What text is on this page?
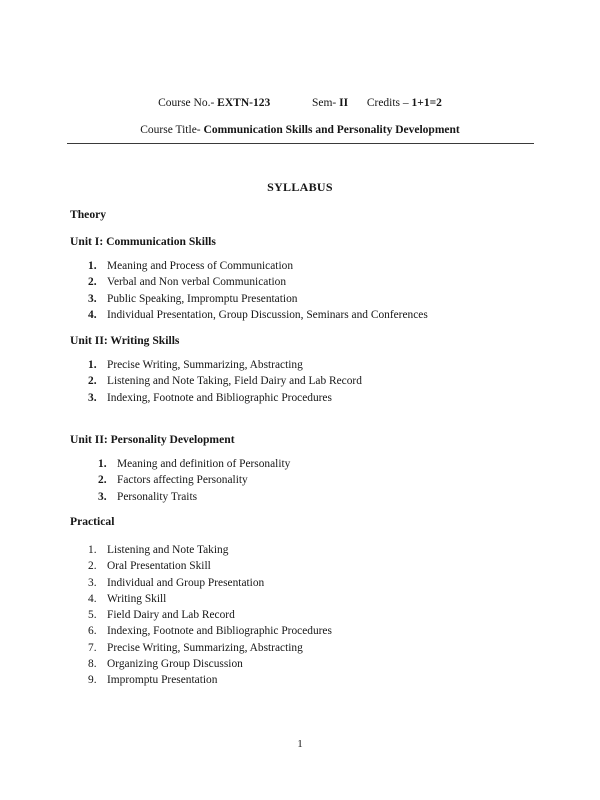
Course No.- EXTN-123	Sem- II Credits – 1+1=2
Course Title- Communication Skills and Personality Development
SYLLABUS
Theory
Unit I: Communication Skills
1. Meaning and Process of Communication
2. Verbal and Non verbal Communication
3. Public Speaking, Impromptu Presentation
4. Individual Presentation, Group Discussion, Seminars and Conferences
Unit II: Writing Skills
1. Precise Writing, Summarizing, Abstracting
2. Listening and Note Taking, Field Dairy and Lab Record
3. Indexing, Footnote and Bibliographic Procedures
Unit II: Personality Development
1. Meaning and definition of Personality
2. Factors affecting Personality
3. Personality Traits
Practical
1. Listening and Note Taking
2. Oral Presentation Skill
3. Individual and Group Presentation
4. Writing Skill
5. Field Dairy and Lab Record
6. Indexing, Footnote and Bibliographic Procedures
7. Precise Writing, Summarizing, Abstracting
8. Organizing Group Discussion
9. Impromptu Presentation
1
